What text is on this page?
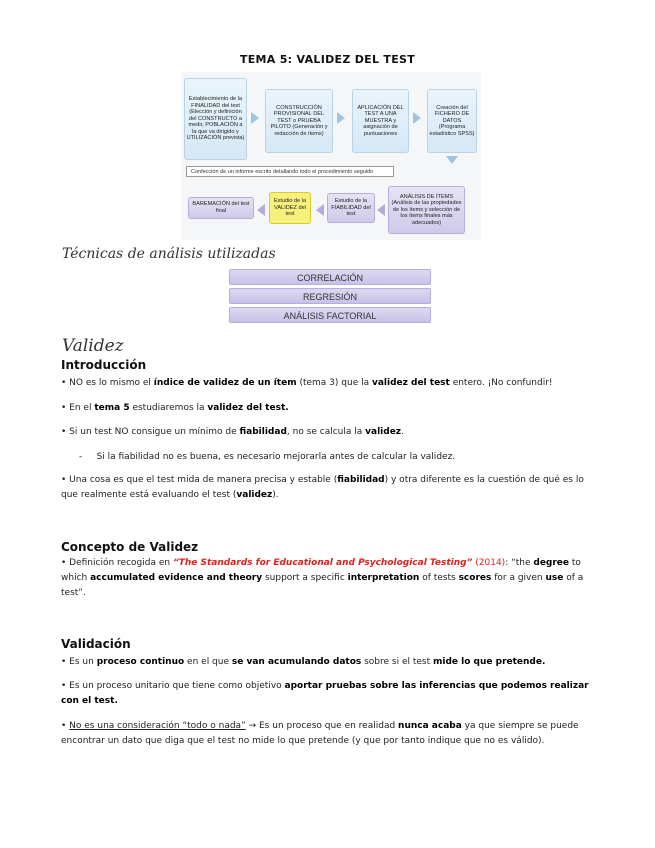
TEMA 5: VALIDEZ DEL TEST
Establecimiento de la FINALIDAD del test (Elección y definición del CONSTRUCTO a medir, POBLACIÓN a la que va dirigido y UTILIZACIÓN prevista)
CONSTRUCCIÓN PROVISIONAL DEL TEST o PRUEBA PILOTO (Generación y redacción de ítems)
APLICACIÓN DEL TEST A UNA MUESTRA y asignación de puntuaciones
Creación del FICHERO DE DATOS (Programa estadístico SPSS)
Confección de un informe escrito detallando todo el procedimiento seguido
ANÁLISIS DE ÍTEMS (Análisis de las propiedades de los ítems y selección de los ítems finales más adecuados)
Estudio de la FIABILIDAD del test
Estudio de la VALIDEZ del test
BAREMACIÓN del test final
Técnicas de análisis utilizadas
CORRELACIÓN
REGRESIÓN
ANÁLISIS FACTORIAL
Validez
Introducción
• NO es lo mismo el índice de validez de un ítem (tema 3) que la validez del test entero. ¡No confundir!
• En el tema 5 estudiaremos la validez del test.
• Si un test NO consigue un mínimo de fiabilidad, no se calcula la validez.
-     Si la fiabilidad no es buena, es necesario mejorarla antes de calcular la validez.
• Una cosa es que el test mida de manera precisa y estable (fiabilidad) y otra diferente es la cuestión de qué es lo que realmente está evaluando el test (validez).
Concepto de Validez
• Definición recogida en “The Standards for Educational and Psychological Testing” (2014): “the degree to which accumulated evidence and theory support a specific interpretation of tests scores for a given use of a test”.
Validación
• Es un proceso continuo en el que se van acumulando datos sobre si el test mide lo que pretende.
• Es un proceso unitario que tiene como objetivo aportar pruebas sobre las inferencias que podemos realizar con el test.
• No es una consideración “todo o nada” → Es un proceso que en realidad nunca acaba ya que siempre se puede encontrar un dato que diga que el test no mide lo que pretende (y que por tanto indique que no es válido).
